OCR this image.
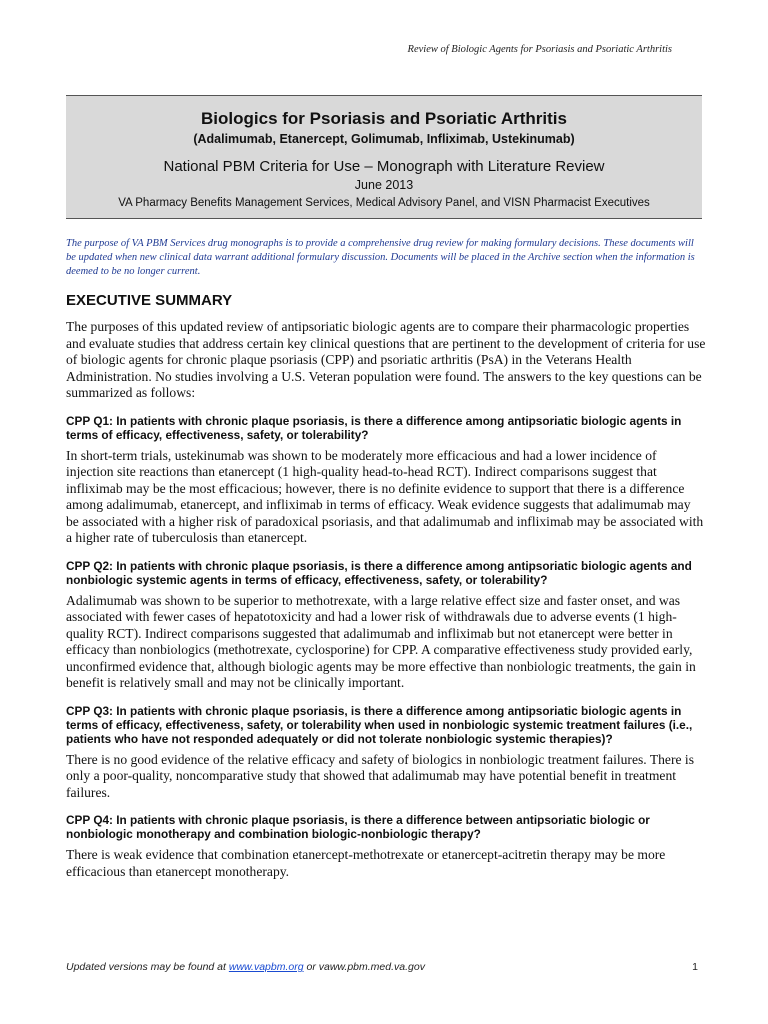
Review of Biologic Agents for Psoriasis and Psoriatic Arthritis
Biologics for Psoriasis and Psoriatic Arthritis
(Adalimumab, Etanercept, Golimumab, Infliximab, Ustekinumab)
National PBM Criteria for Use – Monograph with Literature Review
June 2013
VA Pharmacy Benefits Management Services, Medical Advisory Panel, and VISN Pharmacist Executives
The purpose of VA PBM Services drug monographs is to provide a comprehensive drug review for making formulary decisions. These documents will be updated when new clinical data warrant additional formulary discussion. Documents will be placed in the Archive section when the information is deemed to be no longer current.
EXECUTIVE SUMMARY

The purposes of this updated review of antipsoriatic biologic agents are to compare their pharmacologic properties and evaluate studies that address certain key clinical questions that are pertinent to the development of criteria for use of biologic agents for chronic plaque psoriasis (CPP) and psoriatic arthritis (PsA) in the Veterans Health Administration. No studies involving a U.S. Veteran population were found. The answers to the key questions can be summarized as follows:

CPP Q1: In patients with chronic plaque psoriasis, is there a difference among antipsoriatic biologic agents in terms of efficacy, effectiveness, safety, or tolerability?

In short-term trials, ustekinumab was shown to be moderately more efficacious and had a lower incidence of injection site reactions than etanercept (1 high-quality head-to-head RCT). Indirect comparisons suggest that infliximab may be the most efficacious; however, there is no definite evidence to support that there is a difference among adalimumab, etanercept, and infliximab in terms of efficacy. Weak evidence suggests that adalimumab may be associated with a higher risk of paradoxical psoriasis, and that adalimumab and infliximab may be associated with a higher rate of tuberculosis than etanercept.

CPP Q2: In patients with chronic plaque psoriasis, is there a difference among antipsoriatic biologic agents and nonbiologic systemic agents in terms of efficacy, effectiveness, safety, or tolerability?

Adalimumab was shown to be superior to methotrexate, with a large relative effect size and faster onset, and was associated with fewer cases of hepatotoxicity and had a lower risk of withdrawals due to adverse events (1 high-quality RCT). Indirect comparisons suggested that adalimumab and infliximab but not etanercept were better in efficacy than nonbiologics (methotrexate, cyclosporine) for CPP. A comparative effectiveness study provided early, unconfirmed evidence that, although biologic agents may be more effective than nonbiologic treatments, the gain in benefit is relatively small and may not be clinically important.

CPP Q3: In patients with chronic plaque psoriasis, is there a difference among antipsoriatic biologic agents in terms of efficacy, effectiveness, safety, or tolerability when used in nonbiologic systemic treatment failures (i.e., patients who have not responded adequately or did not tolerate nonbiologic systemic therapies)?

There is no good evidence of the relative efficacy and safety of biologics in nonbiologic treatment failures. There is only a poor-quality, noncomparative study that showed that adalimumab may have potential benefit in treatment failures.

CPP Q4: In patients with chronic plaque psoriasis, is there a difference between antipsoriatic biologic or nonbiologic monotherapy and combination biologic-nonbiologic therapy?

There is weak evidence that combination etanercept-methotrexate or etanercept-acitretin therapy may be more efficacious than etanercept monotherapy.

Updated versions may be found at www.vapbm.org or vaww.pbm.med.va.gov	1
